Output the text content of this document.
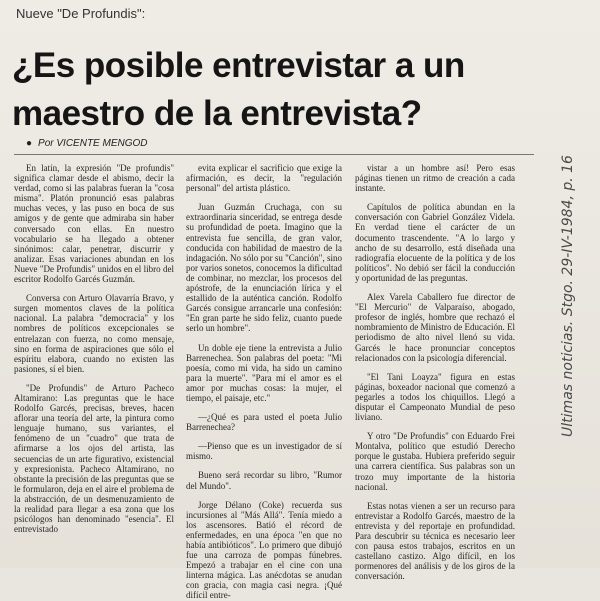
Nueve "De Profundis":
¿Es posible entrevistar a un maestro de la entrevista?
● Por VICENTE MENGOD

En latín, la expresión "De profundis" significa clamar desde el abismo, decir la verdad, como si las palabras fueran la "cosa misma". Platón pronunció esas palabras muchas veces, y las puso en boca de sus amigos y de gente que admiraba sin haber conversado con ellas. En nuestro vocabulario se ha llegado a obtener sinónimos: calar, penetrar, discurrir y analizar. Esas variaciones abundan en los Nueve "De Profundis" unidos en el libro del escritor Rodolfo Garcés Guzmán.

Conversa con Arturo Olavarría Bravo, y surgen momentos claves de la política nacional. La palabra "democracia" y los nombres de políticos excepcionales se entrelazan con fuerza, no como mensaje, sino en forma de aspiraciones que sólo el espíritu elabora, cuando no existen las pasiones, sí el bien.

"De Profundis" de Arturo Pacheco Altamirano: Las preguntas que le hace Rodolfo Garcés, precisas, breves, hacen aflorar una teoría del arte, la pintura como lenguaje humano, sus variantes, el fenómeno de un "cuadro" que trata de afirmarse a los ojos del artista, las secuencias de un arte figurativo, existencial y expresionista. Pacheco Altamirano, no obstante la precisión de las preguntas que se le formularon, deja en el aire el problema de la abstracción, de un desmenuzamiento de la realidad para llegar a esa zona que los psicólogos han denominado "esencia". El entrevistado

evita explicar el sacrificio que exige la afirmación, es decir, la "regulación personal" del artista plástico.

Juan Guzmán Cruchaga, con su extraordinaria sinceridad, se entrega desde su profundidad de poeta. Imagino que la entrevista fue sencilla, de gran valor, conducida con habilidad de maestro de la indagación. No sólo por su "Canción", sino por varios sonetos, conocemos la dificultad de combinar, no mezclar, los procesos del apóstrofe, de la enunciación lírica y el estallido de la auténtica canción. Rodolfo Garcés consigue arrancarle una confesión: "En gran parte he sido feliz, cuanto puede serlo un hombre".

Un doble eje tiene la entrevista a Julio Barrenechea. Son palabras del poeta: "Mi poesía, como mi vida, ha sido un camino para la muerte". "Para mí el amor es el amor por muchas cosas: la mujer, el tiempo, el paisaje, etc."

—¿Qué es para usted el poeta Julio Barrenechea?

—Pienso que es un investigador de sí mismo.

Bueno será recordar su libro, "Rumor del Mundo".

Jorge Délano (Coke) recuerda sus incursiones al "Más Allá". Tenía miedo a los ascensores. Batió el récord de enfermedades, en una época "en que no había antibióticos". Lo primero que dibujó fue una carroza de pompas fúnebres. Empezó a trabajar en el cine con una linterna mágica. Las anécdotas se anudan con gracia, con magia casi negra. ¡Qué difícil entre-

vistar a un hombre así! Pero esas páginas tienen un ritmo de creación a cada instante.

Capítulos de política abundan en la conversación con Gabriel González Videla. En verdad tiene el carácter de un documento trascendente. "A lo largo y ancho de su desarrollo, está diseñada una radiografía elocuente de la política y de los políticos". No debió ser fácil la conducción y oportunidad de las preguntas.

Alex Varela Caballero fue director de "El Mercurio" de Valparaíso, abogado, profesor de inglés, hombre que rechazó el nombramiento de Ministro de Educación. El periodismo de alto nivel llenó su vida. Garcés le hace pronunciar conceptos relacionados con la psicología diferencial.

"El Tani Loayza" figura en estas páginas, boxeador nacional que comenzó a pegarles a todos los chiquillos. Llegó a disputar el Campeonato Mundial de peso liviano.

Y otro "De Profundis" con Eduardo Frei Montalva, político que estudió Derecho porque le gustaba. Hubiera preferido seguir una carrera científica. Sus palabras son un trozo muy importante de la historia nacional.

Estas notas vienen a ser un recurso para entrevistar a Rodolfo Garcés, maestro de la entrevista y del reportaje en profundidad. Para descubrir su técnica es necesario leer con pausa estos trabajos, escritos en un castellano castizo. Algo difícil, en los pormenores del análisis y de los giros de la conversación.

Ultimas noticias. Stgo. 29-IV-1984, p. 16
